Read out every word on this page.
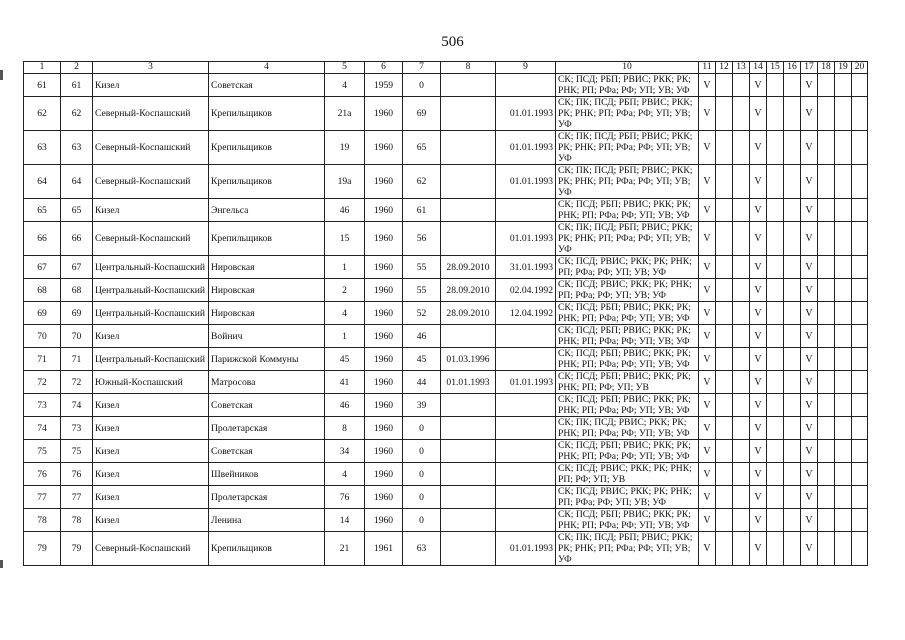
506
1	2	3	4	5	6	7	8	9	10	11	12	13	14	15	16	17	18	19	20
61	61	Кизел	Советская	4	1959	0			СК; ПСД; РБП; РВИС; РКК; РК; РНК; РП; РФа; РФ; УП; УВ; УФ	V			V			V			
62	62	Северный-Коспашский	Крепильщиков	21а	1960	69		01.01.1993	СК; ПК; ПСД; РБП; РВИС; РКК; РК; РНК; РП; РФа; РФ; УП; УВ; УФ	V			V			V			
63	63	Северный-Коспашский	Крепильщиков	19	1960	65		01.01.1993	СК; ПК; ПСД; РБП; РВИС; РКК; РК; РНК; РП; РФа; РФ; УП; УВ; УФ	V			V			V			
64	64	Северный-Коспашский	Крепильщиков	19а	1960	62		01.01.1993	СК; ПК; ПСД; РБП; РВИС; РКК; РК; РНК; РП; РФа; РФ; УП; УВ; УФ	V			V			V			
65	65	Кизел	Энгельса	46	1960	61			СК; ПСД; РБП; РВИС; РКК; РК; РНК; РП; РФа; РФ; УП; УВ; УФ	V			V			V			
66	66	Северный-Коспашский	Крепильщиков	15	1960	56		01.01.1993	СК; ПК; ПСД; РБП; РВИС; РКК; РК; РНК; РП; РФа; РФ; УП; УВ; УФ	V			V			V			
67	67	Центральный-Коспашский	Нировская	1	1960	55	28.09.2010	31.01.1993	СК; ПСД; РВИС; РКК; РК; РНК; РП; РФа; РФ; УП; УВ; УФ	V			V			V			
68	68	Центральный-Коспашский	Нировская	2	1960	55	28.09.2010	02.04.1992	СК; ПСД; РВИС; РКК; РК; РНК; РП; РФа; РФ; УП; УВ; УФ	V			V			V			
69	69	Центральный-Коспашский	Нировская	4	1960	52	28.09.2010	12.04.1992	СК; ПСД; РБП; РВИС; РКК; РК; РНК; РП; РФа; РФ; УП; УВ; УФ	V			V			V			
70	70	Кизел	Войнич	1	1960	46			СК; ПСД; РБП; РВИС; РКК; РК; РНК; РП; РФа; РФ; УП; УВ; УФ	V			V			V			
71	71	Центральный-Коспашский	Парижской Коммуны	45	1960	45	01.03.1996		СК; ПСД; РБП; РВИС; РКК; РК; РНК; РП; РФа; РФ; УП; УВ; УФ	V			V			V			
72	72	Южный-Коспашский	Матросова	41	1960	44	01.01.1993	01.01.1993	СК; ПСД; РБП; РВИС; РКК; РК; РНК; РП; РФ; УП; УВ	V			V			V			
73	74	Кизел	Советская	46	1960	39			СК; ПСД; РБП; РВИС; РКК; РК; РНК; РП; РФа; РФ; УП; УВ; УФ	V			V			V			
74	73	Кизел	Пролетарская	8	1960	0			СК; ПК; ПСД; РВИС; РКК; РК; РНК; РП; РФа; РФ; УП; УВ; УФ	V			V			V			
75	75	Кизел	Советская	34	1960	0			СК; ПСД; РБП; РВИС; РКК; РК; РНК; РП; РФа; РФ; УП; УВ; УФ	V			V			V			
76	76	Кизел	Швейников	4	1960	0			СК; ПСД; РВИС; РКК; РК; РНК; РП; РФ; УП; УВ	V			V			V			
77	77	Кизел	Пролетарская	76	1960	0			СК; ПСД; РВИС; РКК; РК; РНК; РП; РФа; РФ; УП; УВ; УФ	V			V			V			
78	78	Кизел	Ленина	14	1960	0			СК; ПСД; РБП; РВИС; РКК; РК; РНК; РП; РФа; РФ; УП; УВ; УФ	V			V			V			
79	79	Северный-Коспашский	Крепильщиков	21	1961	63		01.01.1993	СК; ПК; ПСД; РБП; РВИС; РКК; РК; РНК; РП; РФа; РФ; УП; УВ; УФ	V			V			V			
